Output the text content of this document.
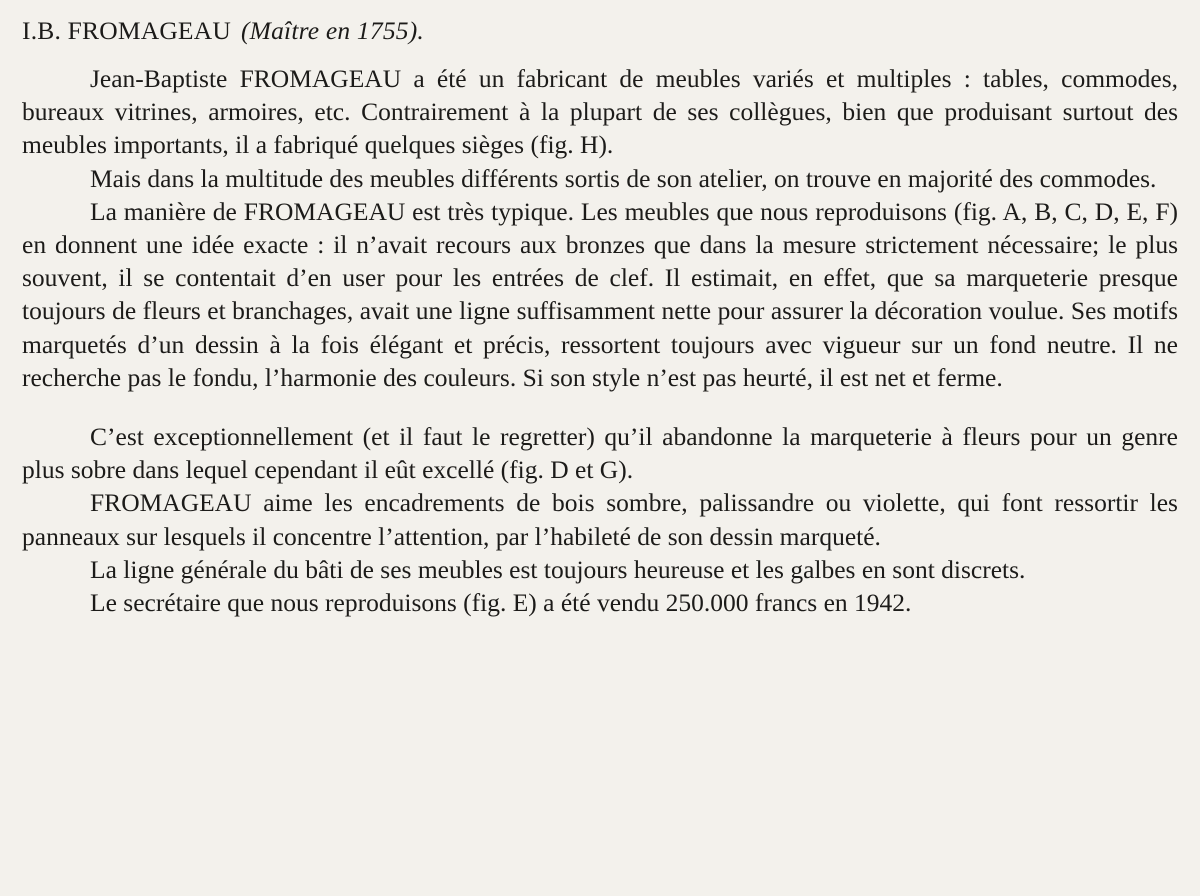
I.B. FROMAGEAU (Maître en 1755).

Jean-Baptiste FROMAGEAU a été un fabricant de meubles variés et multiples : tables, commodes, bureaux vitrines, armoires, etc. Contrairement à la plupart de ses collègues, bien que produisant surtout des meubles importants, il a fabriqué quelques sièges (fig. H).

Mais dans la multitude des meubles différents sortis de son atelier, on trouve en majorité des commodes.

La manière de FROMAGEAU est très typique. Les meubles que nous reproduisons (fig. A, B, C, D, E, F) en donnent une idée exacte : il n’avait recours aux bronzes que dans la mesure strictement nécessaire; le plus souvent, il se contentait d’en user pour les entrées de clef. Il estimait, en effet, que sa marqueterie presque toujours de fleurs et branchages, avait une ligne suffisamment nette pour assurer la décoration voulue. Ses motifs marquetés d’un dessin à la fois élégant et précis, ressortent toujours avec vigueur sur un fond neutre. Il ne recherche pas le fondu, l’harmonie des couleurs. Si son style n’est pas heurté, il est net et ferme.

C’est exceptionnellement (et il faut le regretter) qu’il abandonne la marqueterie à fleurs pour un genre plus sobre dans lequel cependant il eût excellé (fig. D et G).

FROMAGEAU aime les encadrements de bois sombre, palissandre ou violette, qui font ressortir les panneaux sur lesquels il concentre l’attention, par l’habileté de son dessin marqueté.

La ligne générale du bâti de ses meubles est toujours heureuse et les galbes en sont discrets.

Le secrétaire que nous reproduisons (fig. E) a été vendu 250.000 francs en 1942.
